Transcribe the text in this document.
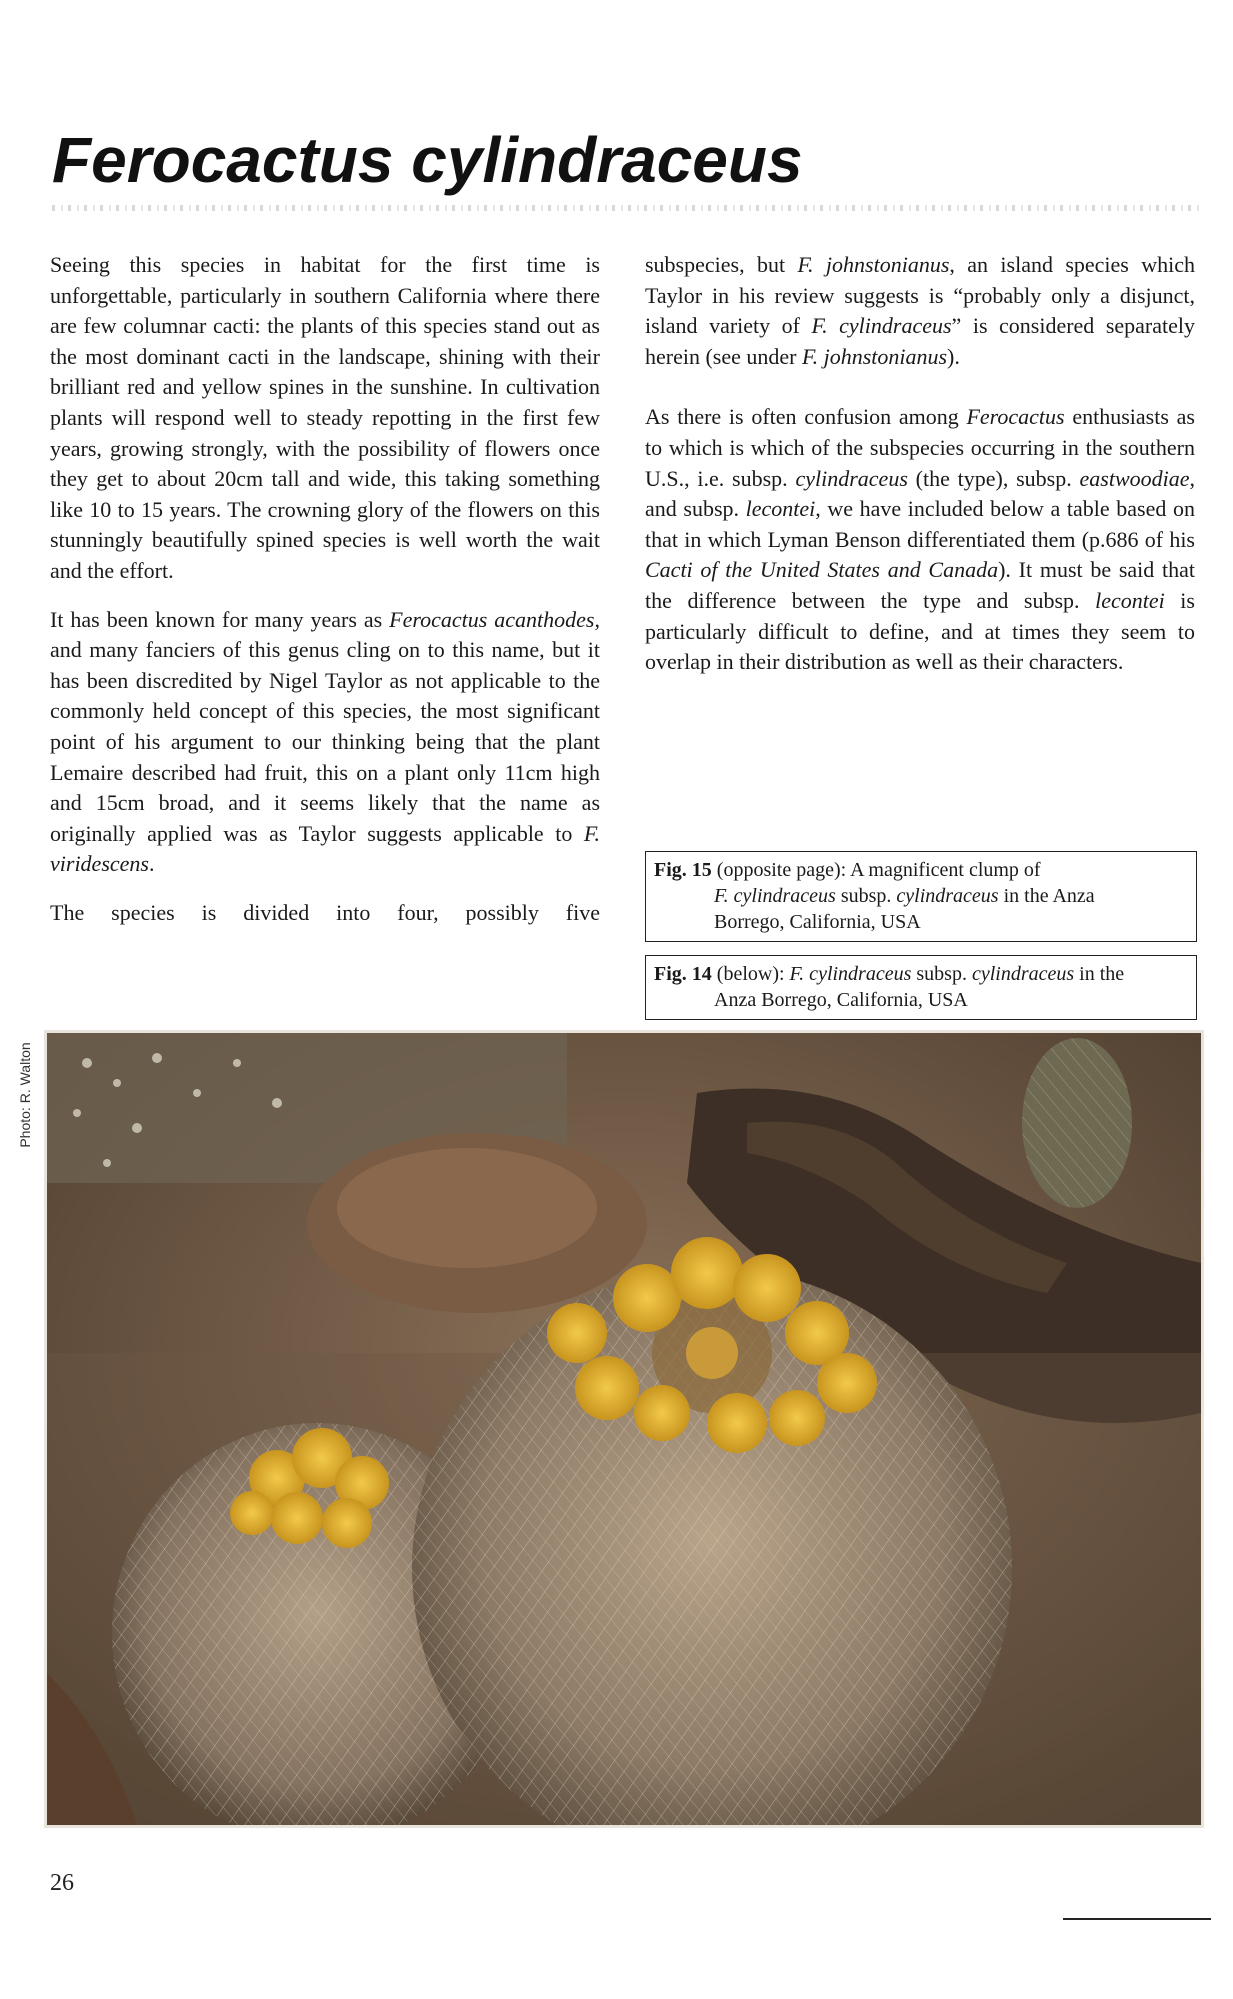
Ferocactus cylindraceus

Seeing this species in habitat for the first time is unforgettable, particularly in southern California where there are few columnar cacti: the plants of this species stand out as the most dominant cacti in the landscape, shining with their brilliant red and yellow spines in the sunshine. In cultivation plants will respond well to steady repotting in the first few years, growing strongly, with the possibility of flowers once they get to about 20cm tall and wide, this taking something like 10 to 15 years. The crowning glory of the flowers on this stunningly beautifully spined species is well worth the wait and the effort.

It has been known for many years as Ferocactus acanthodes, and many fanciers of this genus cling on to this name, but it has been discredited by Nigel Taylor as not applicable to the commonly held concept of this species, the most significant point of his argument to our thinking being that the plant Lemaire described had fruit, this on a plant only 11cm high and 15cm broad, and it seems likely that the name as originally applied was as Taylor suggests applicable to F. viridescens.

The species is divided into four, possibly five

subspecies, but F. johnstonianus, an island species which Taylor in his review suggests is “probably only a disjunct, island variety of F. cylindraceus” is considered separately herein (see under F. johnstonianus).

As there is often confusion among Ferocactus enthusiasts as to which is which of the subspecies occurring in the southern U.S., i.e. subsp. cylindraceus (the type), subsp. eastwoodiae, and subsp. lecontei, we have included below a table based on that in which Lyman Benson differentiated them (p.686 of his Cacti of the United States and Canada). It must be said that the difference between the type and subsp. lecontei is particularly difficult to define, and at times they seem to overlap in their distribution as well as their characters.

Fig. 15 (opposite page): A magnificent clump of
F. cylindraceus subsp. cylindraceus in the Anza
Borrego, California, USA
Fig. 14 (below): F. cylindraceus subsp. cylindraceus in the
Anza Borrego, California, USA
Photo: R. Walton
26
